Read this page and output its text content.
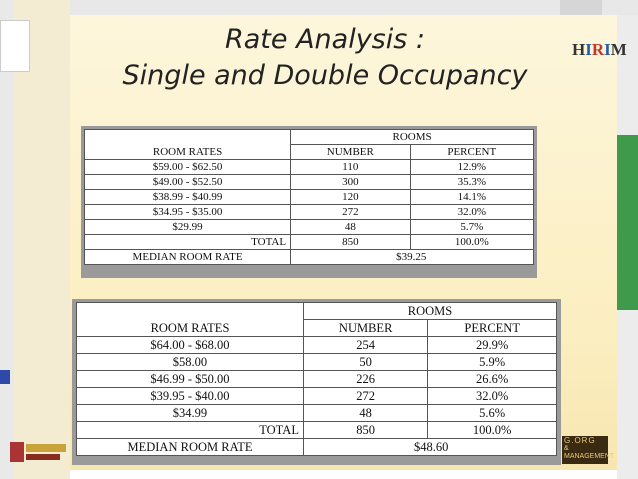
Rate Analysis :
Single and Double Occupancy
HIRIM
	ROOMS	
ROOM RATES	NUMBER	PERCENT
$59.00 - $62.50	110	12.9%
$49.00 - $52.50	300	35.3%
$38.99 - $40.99	120	14.1%
$34.95 - $35.00	272	32.0%
$29.99	48	5.7%
TOTAL	850	100.0%
MEDIAN ROOM RATE	$39.25	
	ROOMS	
ROOM RATES	NUMBER	PERCENT
$64.00 - $68.00	254	29.9%
$58.00	50	5.9%
$46.99 - $50.00	226	26.6%
$39.95 - $40.00	272	32.0%
$34.99	48	5.6%
TOTAL	850	100.0%
MEDIAN ROOM RATE	$48.60		G.ORG
& MANAGEMENT
